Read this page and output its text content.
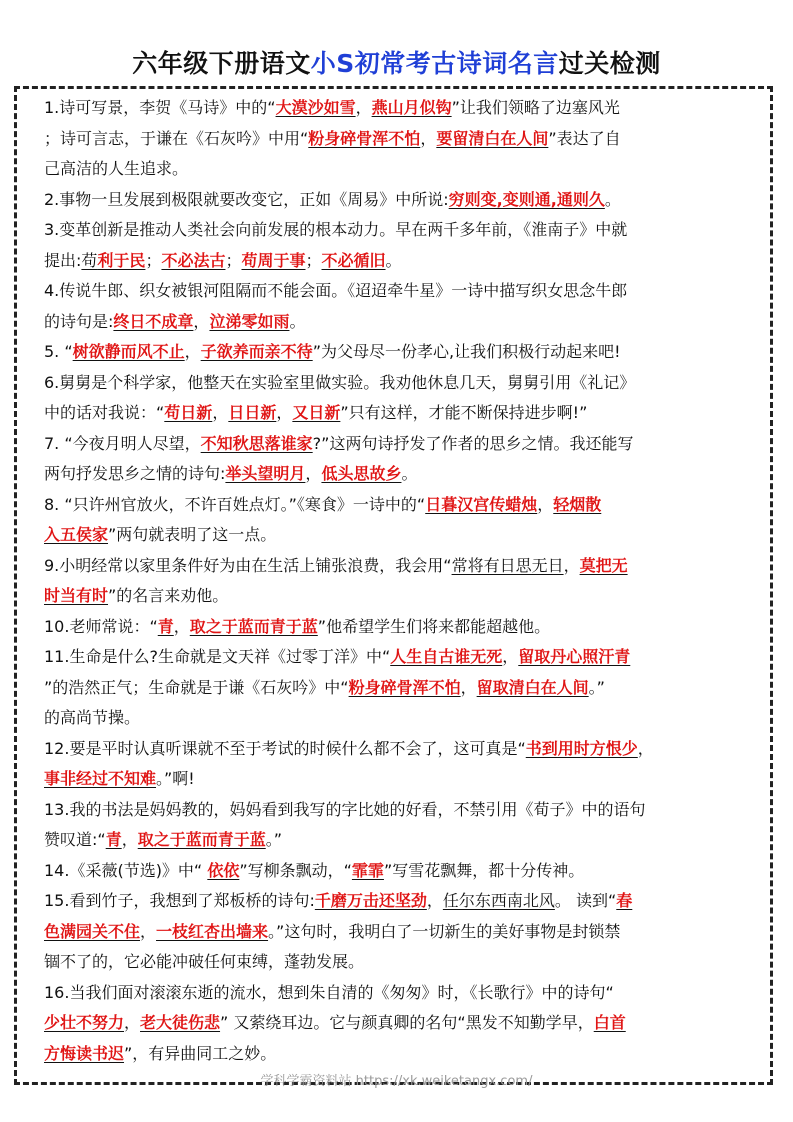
六年级下册语文小S初常考古诗词名言过关检测

1.诗可写景，李贺《马诗》中的“大漠沙如雪，燕山月似钩”让我们领略了边塞风光

；诗可言志，于谦在《石灰吟》中用“粉身碎骨浑不怕，要留清白在人间”表达了自

己高洁的人生追求。

2.事物一旦发展到极限就要改变它，正如《周易》中所说:穷则变,变则通,通则久。

3.变革创新是推动人类社会向前发展的根本动力。早在两千多年前，《淮南子》中就

提出:苟利于民；不必法古；苟周于事；不必循旧。

4.传说牛郎、织女被银河阻隔而不能会面。《迢迢牵牛星》一诗中描写织女思念牛郎

的诗句是:终日不成章，泣涕零如雨。

5. “树欲静而风不止，子欲养而亲不待”为父母尽一份孝心,让我们积极行动起来吧!

6.舅舅是个科学家，他整天在实验室里做实验。我劝他休息几天，舅舅引用《礼记》

中的话对我说：“苟日新，日日新，又日新”只有这样，才能不断保持进步啊!”

7. “今夜月明人尽望，不知秋思落谁家?”这两句诗抒发了作者的思乡之情。我还能写

两句抒发思乡之情的诗句:举头望明月，低头思故乡。

8. “只许州官放火，不许百姓点灯。”《寒食》一诗中的“日暮汉宫传蜡烛，轻烟散

入五侯家”两句就表明了这一点。

9.小明经常以家里条件好为由在生活上铺张浪费，我会用“常将有日思无日，莫把无

时当有时”的名言来劝他。

10.老师常说：“青，取之于蓝而青于蓝”他希望学生们将来都能超越他。

11.生命是什么?生命就是文天祥《过零丁洋》中“人生自古谁无死，留取丹心照汗青

”的浩然正气；生命就是于谦《石灰吟》中“粉身碎骨浑不怕，留取清白在人间。”

的高尚节操。

12.要是平时认真听课就不至于考试的时候什么都不会了，这可真是“书到用时方恨少，

事非经过不知难。”啊!

13.我的书法是妈妈教的，妈妈看到我写的字比她的好看，不禁引用《荀子》中的语句

赞叹道:“青，取之于蓝而青于蓝。”

14.《采薇(节选)》中“ 依依”写柳条飘动，“霏霏”写雪花飘舞，都十分传神。

15.看到竹子，我想到了郑板桥的诗句:千磨万击还坚劲，任尔东西南北风。 读到“春

色满园关不住，一枝红杏出墙来。”这句时，我明白了一切新生的美好事物是封锁禁

锢不了的，它必能冲破任何束缚，蓬勃发展。

16.当我们面对滚滚东逝的流水，想到朱自清的《匆匆》时，《长歌行》中的诗句“

少壮不努力，老大徒伤悲” 又萦绕耳边。它与颜真卿的名句“黑发不知勤学早，白首

方悔读书迟”，有异曲同工之妙。

学科学霸资料站 https://xk.weiketangx.com/
